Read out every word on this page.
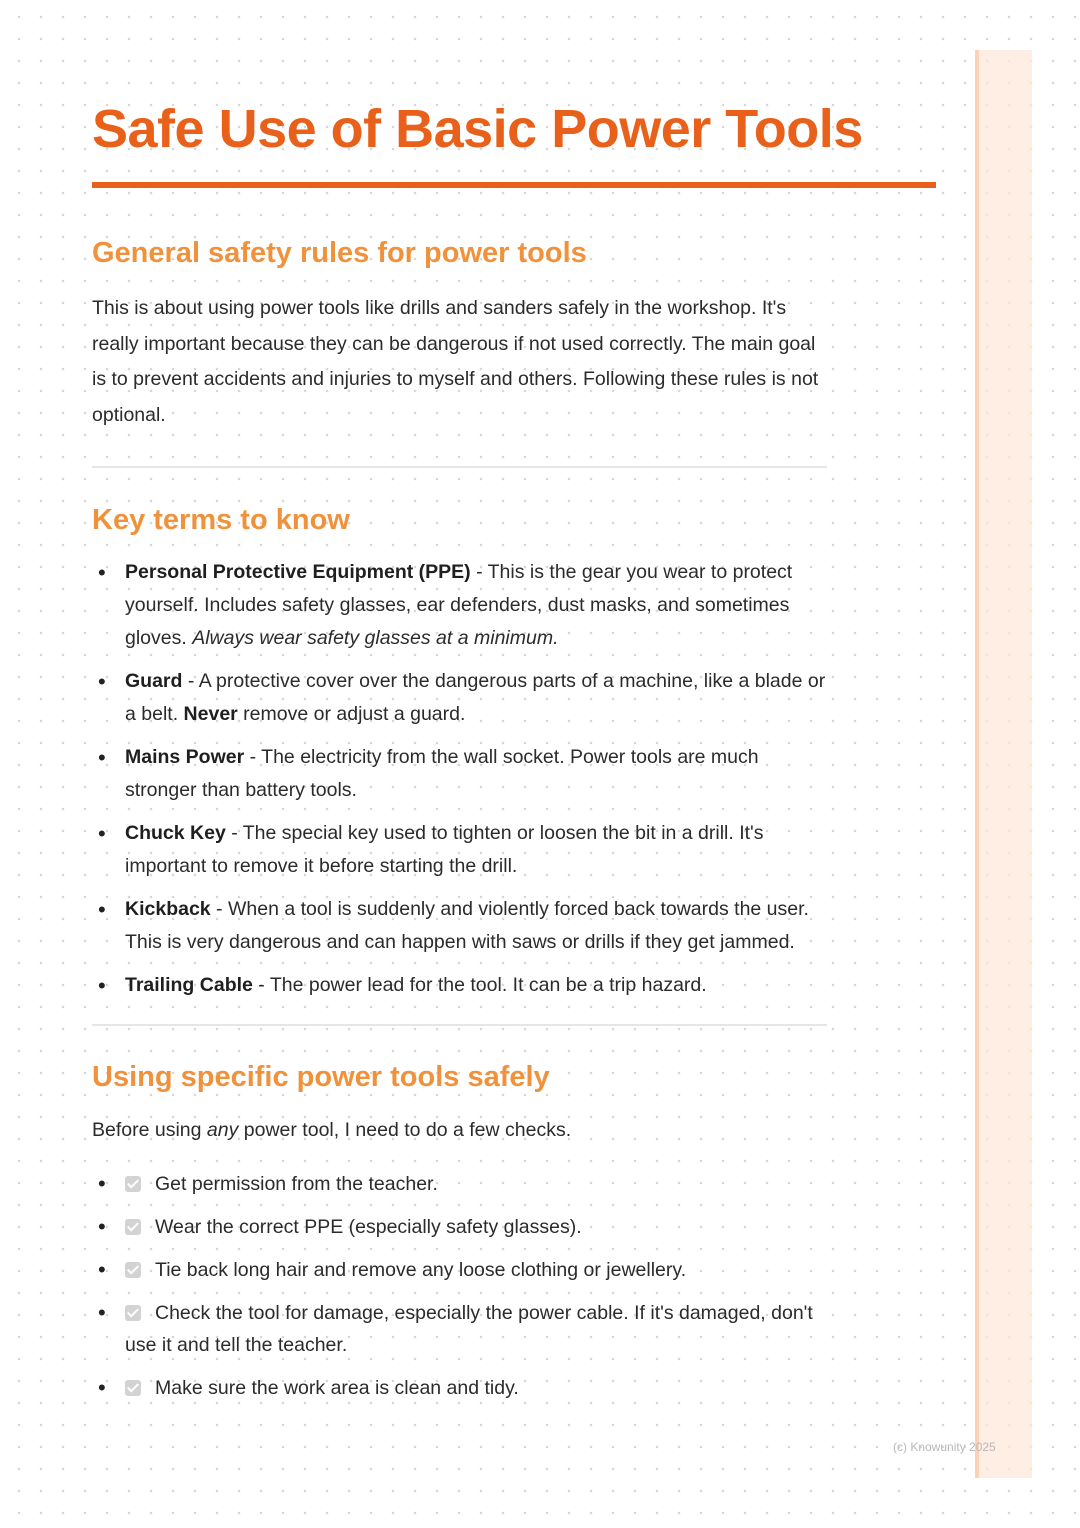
Safe Use of Basic Power Tools
General safety rules for power tools

This is about using power tools like drills and sanders safely in the workshop. It's really important because they can be dangerous if not used correctly. The main goal is to prevent accidents and injuries to myself and others. Following these rules is not optional.

Key terms to know
• Personal Protective Equipment (PPE) - This is the gear you wear to protect yourself. Includes safety glasses, ear defenders, dust masks, and sometimes gloves. Always wear safety glasses at a minimum.
• Guard - A protective cover over the dangerous parts of a machine, like a blade or a belt. Never remove or adjust a guard.
• Mains Power - The electricity from the wall socket. Power tools are much stronger than battery tools.
• Chuck Key - The special key used to tighten or loosen the bit in a drill. It's important to remove it before starting the drill.
• Kickback - When a tool is suddenly and violently forced back towards the user. This is very dangerous and can happen with saws or drills if they get jammed.
• Trailing Cable - The power lead for the tool. It can be a trip hazard.
Using specific power tools safely

Before using any power tool, I need to do a few checks.

• Get permission from the teacher.
• Wear the correct PPE (especially safety glasses).
• Tie back long hair and remove any loose clothing or jewellery.
• Check the tool for damage, especially the power cable. If it's damaged, don't use it and tell the teacher.
• Make sure the work area is clean and tidy.
(c) Knowunity 2025
